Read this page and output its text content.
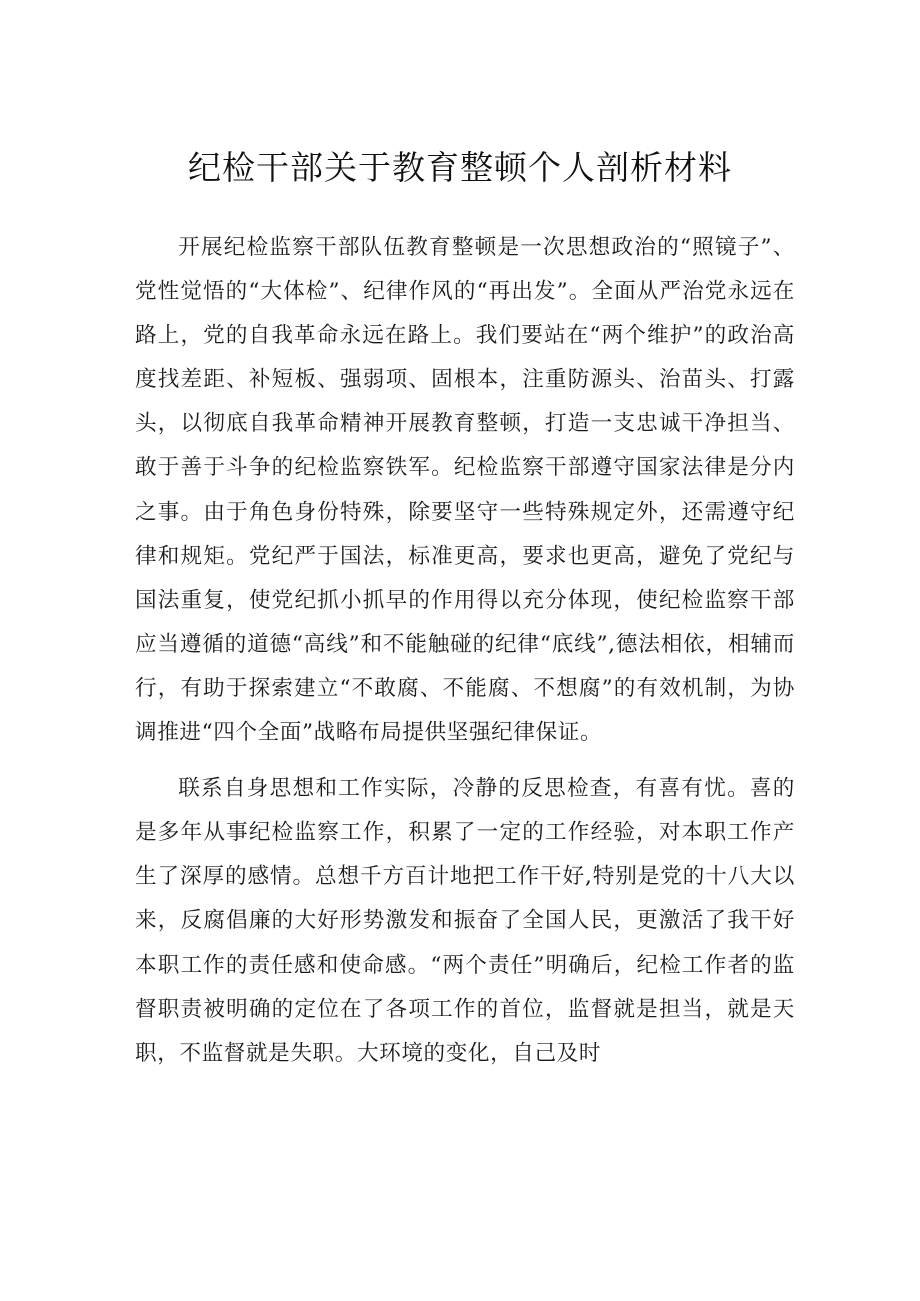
纪检干部关于教育整顿个人剖析材料

开展纪检监察干部队伍教育整顿是一次思想政治的“照镜子”、党性觉悟的“大体检”、纪律作风的“再出发”。全面从严治党永远在路上，党的自我革命永远在路上。我们要站在“两个维护”的政治高度找差距、补短板、强弱项、固根本，注重防源头、治苗头、打露头，以彻底自我革命精神开展教育整顿，打造一支忠诚干净担当、敢于善于斗争的纪检监察铁军。纪检监察干部遵守国家法律是分内之事。由于角色身份特殊，除要坚守一些特殊规定外，还需遵守纪律和规矩。党纪严于国法，标准更高，要求也更高，避免了党纪与国法重复，使党纪抓小抓早的作用得以充分体现，使纪检监察干部应当遵循的道德“高线”和不能触碰的纪律“底线”,德法相依，相辅而行，有助于探索建立“不敢腐、不能腐、不想腐”的有效机制，为协调推进“四个全面”战略布局提供坚强纪律保证。

联系自身思想和工作实际，冷静的反思检查，有喜有忧。喜的是多年从事纪检监察工作，积累了一定的工作经验，对本职工作产生了深厚的感情。总想千方百计地把工作干好,特别是党的十八大以来，反腐倡廉的大好形势激发和振奋了全国人民，更激活了我干好本职工作的责任感和使命感。“两个责任”明确后，纪检工作者的监督职责被明确的定位在了各项工作的首位，监督就是担当，就是天职，不监督就是失职。大环境的变化，自己及时
